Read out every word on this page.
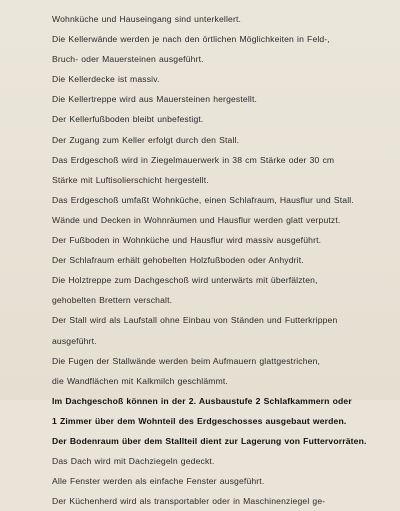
Wohnküche und Hauseingang sind unterkellert.
Die Kellerwände werden je nach den örtlichen Möglichkeiten in Feld-,
Bruch- oder Mauersteinen ausgeführt.
Die Kellerdecke ist massiv.
Die Kellertreppe wird aus Mauersteinen hergestellt.
Der Kellerfußboden bleibt unbefestigt.
Der Zugang zum Keller erfolgt durch den Stall.
Das Erdgeschoß wird in Ziegelmauerwerk in 38 cm Stärke oder 30 cm
Stärke mit Luftisolierschicht hergestellt.
Das Erdgeschoß umfaßt Wohnküche, einen Schlafraum, Hausflur und Stall.
Wände und Decken in Wohnräumen und Hausflur werden glatt verputzt.
Der Fußboden in Wohnküche und Hausflur wird massiv ausgeführt.
Der Schlafraum erhält gehobelten Holzfußboden oder Anhydrit.
Die Holztreppe zum Dachgeschoß wird unterwärts mit überfälzten,
gehobelten Brettern verschalt.
Der Stall wird als Laufstall ohne Einbau von Ständen und Futterkrippen
ausgeführt.
Die Fugen der Stallwände werden beim Aufmauern glattgestrichen,
die Wandflächen mit Kalkmilch geschlämmt.
Im Dachgeschoß können in der 2. Ausbaustufe 2 Schlafkammern oder
1 Zimmer über dem Wohnteil des Erdgeschosses ausgebaut werden.
Der Bodenraum über dem Stallteil dient zur Lagerung von Futtervorräten.
Das Dach wird mit Dachziegeln gedeckt.
Alle Fenster werden als einfache Fenster ausgeführt.
Der Küchenherd wird als transportabler oder in Maschinenziegel ge-
